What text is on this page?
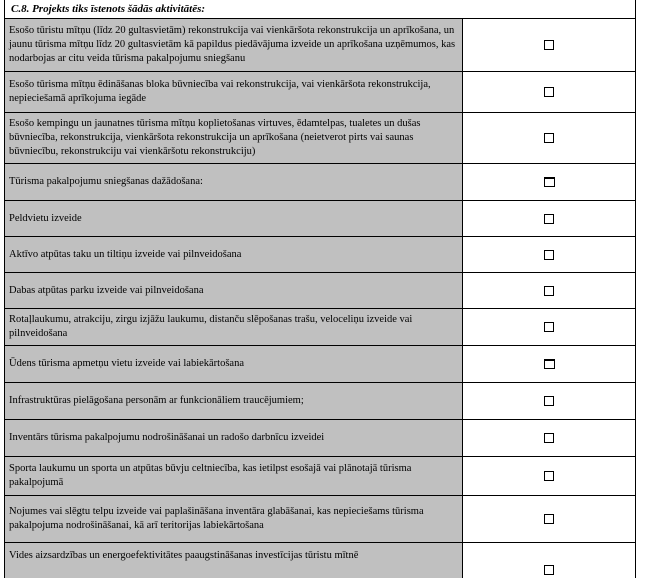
C.8. Projekts tiks īstenots šādās aktivitātēs:
Esošo tūristu mītņu (līdz 20 gultasvietām) rekonstrukcija vai vienkāršota rekonstrukcija un aprīkošana, un jaunu tūrisma mītņu līdz 20 gultasvietām kā papildus piedāvājuma izveide un aprīkošana uzņēmumos, kas nodarbojas ar citu veida tūrisma pakalpojumu sniegšanu
Esošo tūrisma mītņu ēdināšanas bloka būvniecība vai rekonstrukcija, vai vienkāršota rekonstrukcija, nepieciešamā aprīkojuma iegāde
Esošo kempingu un jaunatnes tūrisma mītņu koplietošanas virtuves, ēdamtelpas, tualetes un dušas būvniecība, rekonstrukcija, vienkāršota rekonstrukcija un aprīkošana (neietverot pirts vai saunas būvniecību, rekonstrukciju vai vienkāršotu rekonstrukciju)
Tūrisma pakalpojumu sniegšanas dažādošana:
Peldvietu izveide
Aktīvo atpūtas taku un tiltiņu izveide vai pilnveidošana
Dabas atpūtas parku izveide vai pilnveidošana
Rotaļlaukumu, atrakciju, zirgu izjāžu laukumu, distanču slēpošanas trašu, veloceliņu izveide vai pilnveidošana
Ūdens tūrisma apmetņu vietu izveide vai labiekārtošana
Infrastruktūras pielāgošana personām ar funkcionāliem traucējumiem;
Inventārs tūrisma pakalpojumu nodrošināšanai un radošo darbnīcu izveidei
Sporta laukumu un sporta un atpūtas būvju celtniecība, kas ietilpst esošajā vai plānotajā tūrisma pakalpojumā
Nojumes vai slēgtu telpu izveide vai paplašināšana inventāra glabāšanai, kas nepieciešams tūrisma pakalpojuma nodrošināšanai, kā arī teritorijas labiekārtošana
Vides aizsardzības un energoefektivitātes paaugstināšanas investīcijas tūristu mītnē
